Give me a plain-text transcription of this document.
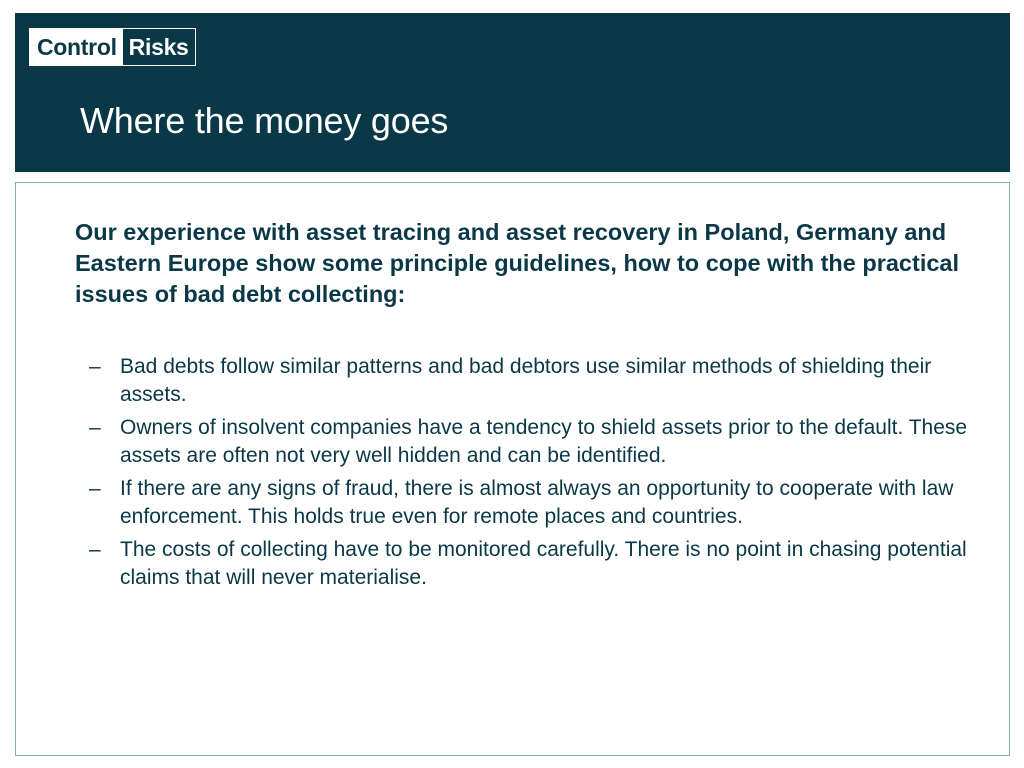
Control Risks
Where the money goes

Our experience with asset tracing and asset recovery in Poland, Germany and Eastern Europe show some principle guidelines, how to cope with the practical issues of bad debt collecting:

– Bad debts follow similar patterns and bad debtors use similar methods of shielding their assets.
– Owners of insolvent companies have a tendency to shield assets prior to the default. These assets are often not very well hidden and can be identified.
– If there are any signs of fraud, there is almost always an opportunity to cooperate with law enforcement. This holds true even for remote places and countries.
– The costs of collecting have to be monitored carefully. There is no point in chasing potential claims that will never materialise.
